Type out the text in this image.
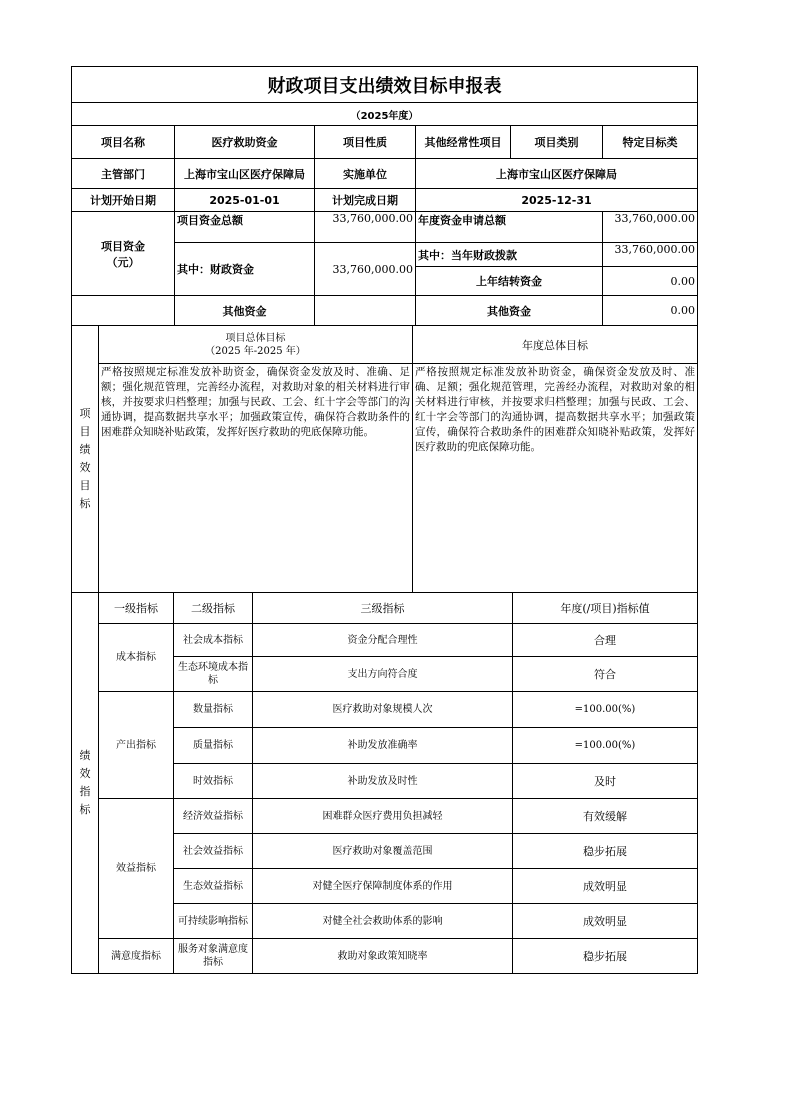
财政项目支出绩效目标申报表					
（2025年度）					
项目名称	医疗救助资金	项目性质	其他经常性项目	项目类别	特定目标类
主管部门	上海市宝山区医疗保障局	实施单位	上海市宝山区医疗保障局		
计划开始日期	2025-01-01	计划完成日期	2025-12-31		
项目资金
（元）	项目资金总额	33,760,000.00	年度资金申请总额		33,760,000.00
	其中：财政资金	33,760,000.00	其中：当年财政拨款		33,760,000.00
			上年结转资金		0.00
	其他资金		其他资金		0.00
项目绩效目标	项目总体目标
（2025 年-2025 年）	年度总体目标
	严格按照规定标准发放补助资金，确保资金发放及时、准确、足额；强化规范管理，完善经办流程，对救助对象的相关材料进行审核，并按要求归档整理；加强与民政、工会、红十字会等部门的沟通协调，提高数据共享水平；加强政策宣传，确保符合救助条件的困难群众知晓补贴政策，发挥好医疗救助的兜底保障功能。	严格按照规定标准发放补助资金，确保资金发放及时、准确、足额；强化规范管理，完善经办流程，对救助对象的相关材料进行审核，并按要求归档整理；加强与民政、工会、红十字会等部门的沟通协调，提高数据共享水平；加强政策宣传，确保符合救助条件的困难群众知晓补贴政策，发挥好医疗救助的兜底保障功能。
绩效指标	一级指标	二级指标	三级指标	年度(/项目)指标值
	成本指标	社会成本指标	资金分配合理性	合理
		生态环境成本指标	支出方向符合度	符合
	产出指标	数量指标	医疗救助对象规模人次	=100.00(%)
		质量指标	补助发放准确率	=100.00(%)
		时效指标	补助发放及时性	及时
	效益指标	经济效益指标	困难群众医疗费用负担减轻	有效缓解
		社会效益指标	医疗救助对象覆盖范围	稳步拓展
		生态效益指标	对健全医疗保障制度体系的作用	成效明显
		可持续影响指标	对健全社会救助体系的影响	成效明显
	满意度指标	服务对象满意度指标	救助对象政策知晓率	稳步拓展
